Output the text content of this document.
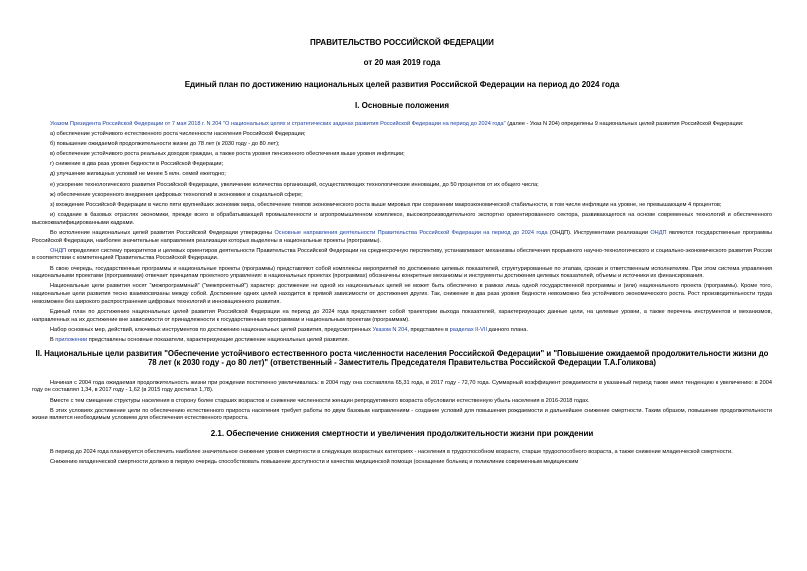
ПРАВИТЕЛЬСТВО РОССИЙСКОЙ ФЕДЕРАЦИИ

от 20 мая 2019 года

Единый план по достижению национальных целей развития Российской Федерации на период до 2024 года

I. Основные положения

Указом Президента Российской Федерации от 7 мая 2018 г. N 204 "О национальных целях и стратегических задачах развития Российской Федерации на период до 2024 года" (далее - Указ N 204) определены 9 национальных целей развития Российской Федерации:

а) обеспечение устойчивого естественного роста численности населения Российской Федерации;

б) повышение ожидаемой продолжительности жизни до 78 лет (к 2030 году - до 80 лет);

в) обеспечение устойчивого роста реальных доходов граждан, а также роста уровня пенсионного обеспечения выше уровня инфляции;

г) снижение в два раза уровня бедности в Российской Федерации;

д) улучшение жилищных условий не менее 5 млн. семей ежегодно;

е) ускорение технологического развития Российской Федерации, увеличение количества организаций, осуществляющих технологические инновации, до 50 процентов от их общего числа;

ж) обеспечение ускоренного внедрения цифровых технологий в экономике и социальной сфере;

з) вхождение Российской Федерации в число пяти крупнейших экономик мира, обеспечение темпов экономического роста выше мировых при сохранении макроэкономической стабильности, в том числе инфляции на уровне, не превышающем 4 процентов;

и) создание в базовых отраслях экономики, прежде всего в обрабатывающей промышленности и агропромышленном комплексе, высокопроизводительного экспортно ориентированного сектора, развивающегося на основе современных технологий и обеспеченного высококвалифицированными кадрами.

Во исполнение национальных целей развития Российской Федерации утверждены Основные направления деятельности Правительства Российской Федерации на период до 2024 года (ОНДП). Инструментами реализации ОНДП являются государственные программы Российской Федерации, наиболее значительные направления реализации которых выделены в национальные проекты (программы).

ОНДП определяют систему приоритетов и целевых ориентиров деятельности Правительства Российской Федерации на среднесрочную перспективу, устанавливают механизмы обеспечения прорывного научно-технологического и социально-экономического развития России в соответствии с компетенцией Правительства Российской Федерации.

В свою очередь, государственные программы и национальные проекты (программы) представляют собой комплексы мероприятий по достижению целевых показателей, структурированные по этапам, срокам и ответственным исполнителям. При этом система управления национальными проектами (программами) отвечает принципам проектного управления: в национальных проектах (программах) обозначены конкретные механизмы и инструменты достижения целевых показателей, объемы и источники их финансирования.

Национальные цели развития носят "межпрограммный" ("межпроектный") характер: достижение ни одной из национальных целей не может быть обеспечено в рамках лишь одной государственной программы и (или) национального проекта (программы). Кроме того, национальные цели развития тесно взаимосвязаны между собой. Достижение одних целей находится в прямой зависимости от достижения других. Так, снижение в два раза уровня бедности невозможно без устойчивого экономического роста. Рост производительности труда невозможен без широкого распространения цифровых технологий и инновационного развития.

Единый план по достижению национальных целей развития Российской Федерации на период до 2024 года представляет собой траектории выхода показателей, характеризующих данные цели, на целевые уровни, а также перечень инструментов и механизмов, направленных на их достижение вне зависимости от принадлежности к государственным программам и национальным проектам (программам).

Набор основных мер, действий, ключевых инструментов по достижению национальных целей развития, предусмотренных Указом N 204, представлен в разделах II-VII данного плана.

В приложении представлены основные показатели, характеризующие достижение национальных целей развития.

II. Национальные цели развития "Обеспечение устойчивого естественного роста численности населения Российской Федерации" и "Повышение ожидаемой продолжительности жизни до 78 лет (к 2030 году - до 80 лет)" (ответственный - Заместитель Председателя Правительства Российской Федерации Т.А.Голикова)

Начиная с 2004 года ожидаемая продолжительность жизни при рождении постепенно увеличивалась: в 2004 году она составляла 65,31 года, в 2017 году - 72,70 года. Суммарный коэффициент рождаемости в указанный период также имел тенденцию к увеличению: в 2004 году он составлял 1,34, в 2017 году - 1,62 (в 2015 году достигал 1,78).

Вместе с тем смещение структуры населения в сторону более старших возрастов и снижение численности женщин репродуктивного возраста обусловили естественную убыль населения в 2016-2018 годах.

В этих условиях достижение цели по обеспечению естественного прироста населения требует работы по двум базовым направлениям - создание условий для повышения рождаемости и дальнейшее снижение смертности. Таким образом, повышение продолжительности жизни является необходимым условием для обеспечения естественного прироста.

2.1. Обеспечение снижения смертности и увеличения продолжительности жизни при рождении

В период до 2024 года планируется обеспечить наиболее значительное снижение уровня смертности в следующих возрастных категориях - населения в трудоспособном возрасте, старше трудоспособного возраста, а также снижение младенческой смертности.

Снижению младенческой смертности должно в первую очередь способствовать повышение доступности и качества медицинской помощи (оснащение больниц и поликлиник современным медицинским
